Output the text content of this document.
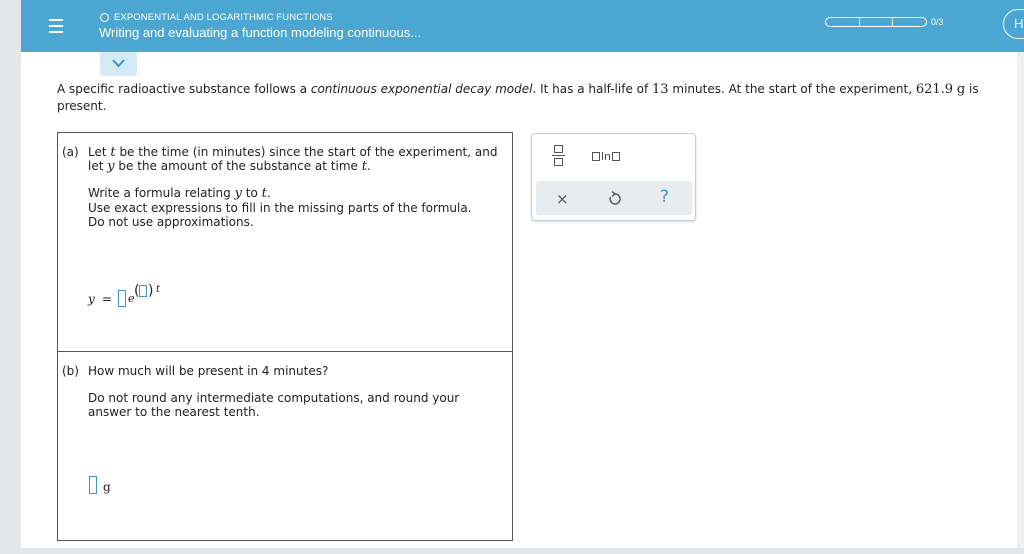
EXPONENTIAL AND LOGARITHMIC FUNCTIONS
Writing and evaluating a function modeling continuous...
0/3	H
A specific radioactive substance follows a continuous exponential decay model. It has a half-life of 13 minutes. At the start of the experiment, 621.9 g is present.
(a) Let t be the time (in minutes) since the start of the experiment, and
let y be the amount of the substance at time t.
Write a formula relating y to t.
Use exact expressions to fill in the missing parts of the formula.
Do not use approximations.
y = e ( ) t
(b) How much will be present in 4 minutes?
Do not round any intermediate computations, and round your
answer to the nearest tenth.
g
ln
×	?
